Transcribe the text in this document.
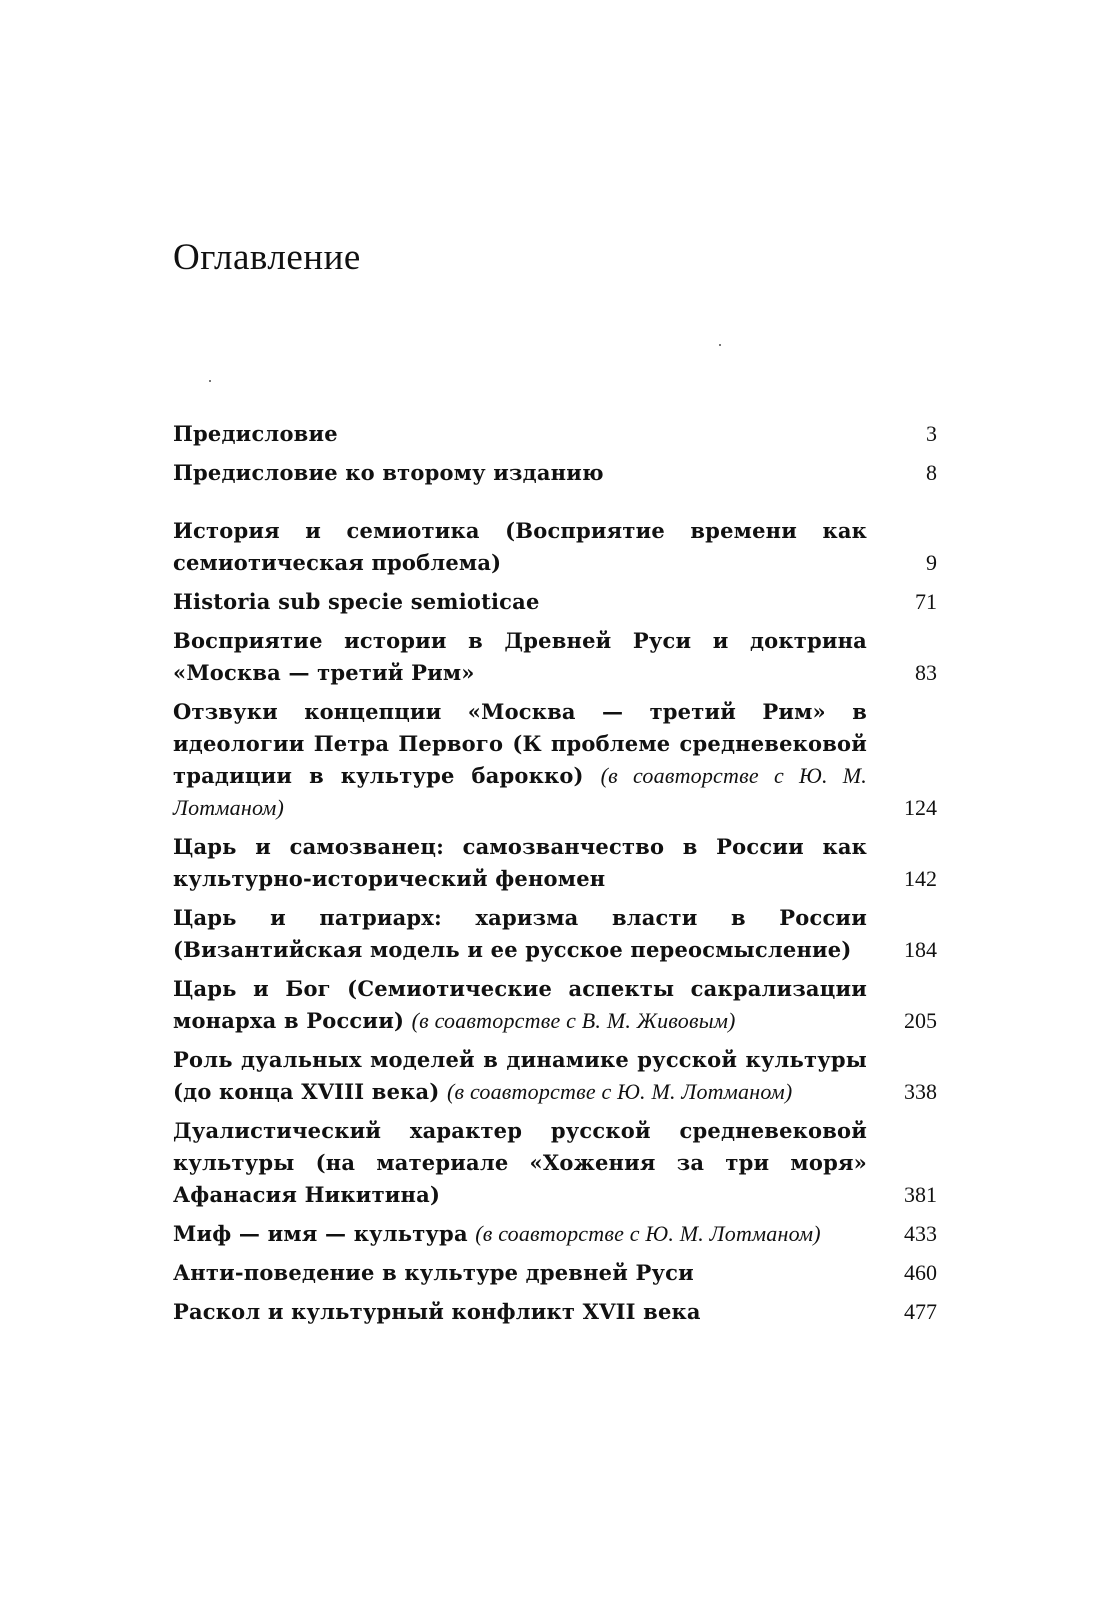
Оглавление
Предисловие	3
Предисловие ко второму изданию	8
История и семиотика (Восприятие времени как семиотическая проблема)	9
Historia sub specie semioticae	71
Восприятие истории в Древней Руси и доктрина «Москва — третий Рим»	83
Отзвуки концепции «Москва — третий Рим» в идеологии Петра Первого (К проблеме средневековой традиции в культуре барокко) (в соавторстве с Ю. М. Лотманом)	124
Царь и самозванец: самозванчество в России как культурно-исторический феномен	142
Царь и патриарх: харизма власти в России (Византийская модель и ее русское переосмысление)	184
Царь и Бог (Семиотические аспекты сакрализации монарха в России) (в соавторстве с В. М. Живовым)	205
Роль дуальных моделей в динамике русской культуры (до конца XVIII века) (в соавторстве с Ю. М. Лотманом)	338
Дуалистический характер русской средневековой культуры (на материале «Хожения за три моря» Афанасия Никитина)	381
Миф — имя — культура (в соавторстве с Ю. М. Лотманом)	433
Анти-поведение в культуре древней Руси	460
Раскол и культурный конфликт XVII века	477
